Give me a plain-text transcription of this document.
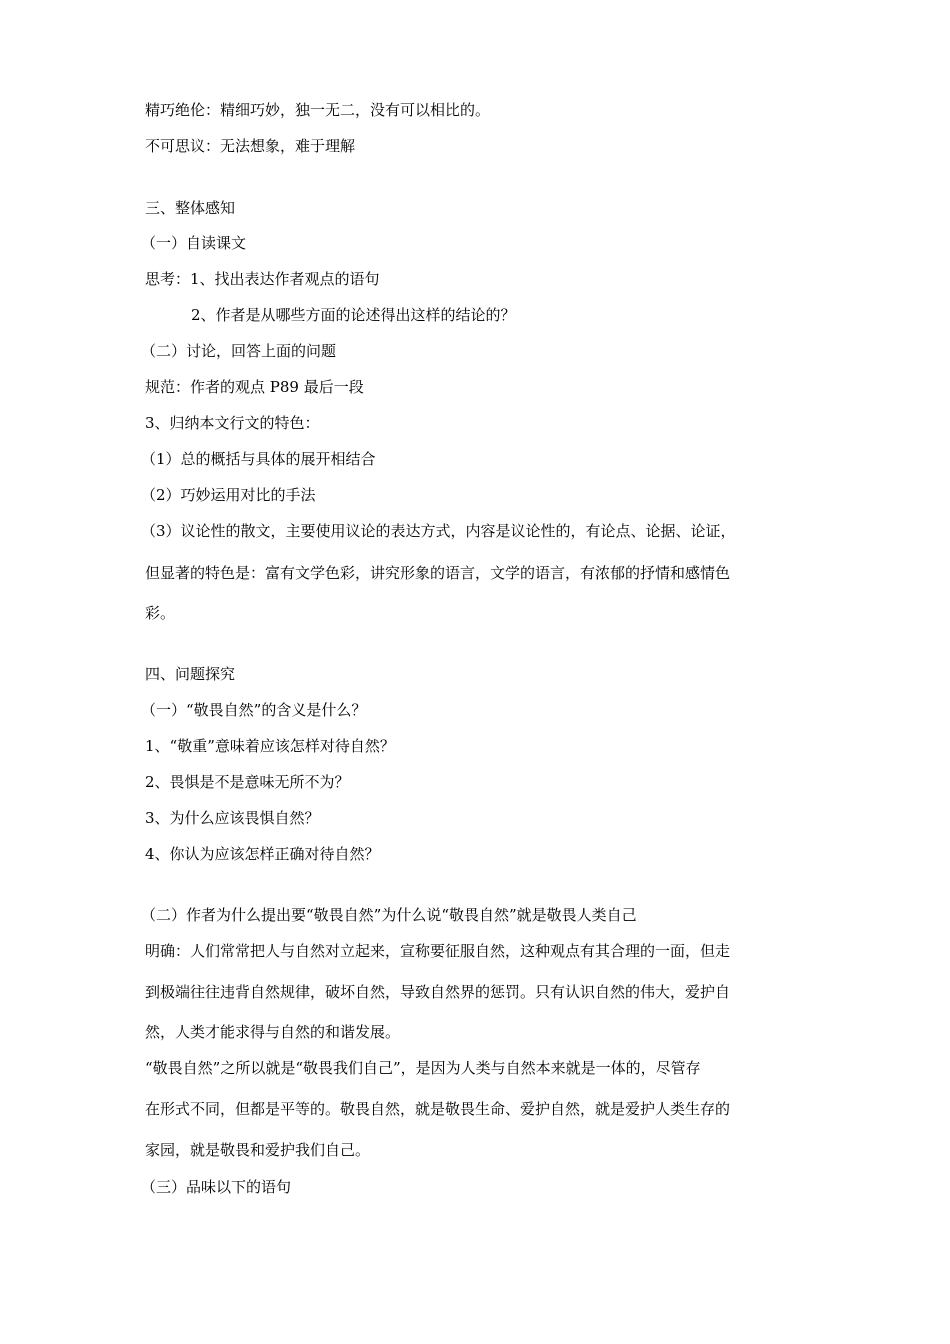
精巧绝伦：精细巧妙，独一无二，没有可以相比的。
不可思议：无法想象，难于理解
三、整体感知
（一）自读课文
思考：1、找出表达作者观点的语句
2、作者是从哪些方面的论述得出这样的结论的？
（二）讨论，回答上面的问题
规范：作者的观点 P89 最后一段
3、归纳本文行文的特色：
（1）总的概括与具体的展开相结合
（2）巧妙运用对比的手法
（3）议论性的散文，主要使用议论的表达方式，内容是议论性的，有论点、论据、论证，
但显著的特色是：富有文学色彩，讲究形象的语言，文学的语言，有浓郁的抒情和感情色
彩。
四、问题探究
（一）“敬畏自然”的含义是什么？
1、“敬重”意味着应该怎样对待自然？
2、畏惧是不是意味无所不为？
3、为什么应该畏惧自然？
4、你认为应该怎样正确对待自然？
（二）作者为什么提出要“敬畏自然”为什么说“敬畏自然”就是敬畏人类自己
明确：人们常常把人与自然对立起来，宣称要征服自然，这种观点有其合理的一面，但走
到极端往往违背自然规律，破坏自然，导致自然界的惩罚。只有认识自然的伟大，爱护自
然，人类才能求得与自然的和谐发展。
“敬畏自然”之所以就是“敬畏我们自己”，是因为人类与自然本来就是一体的，尽管存
在形式不同，但都是平等的。敬畏自然，就是敬畏生命、爱护自然，就是爱护人类生存的
家园，就是敬畏和爱护我们自己。
（三）品味以下的语句
